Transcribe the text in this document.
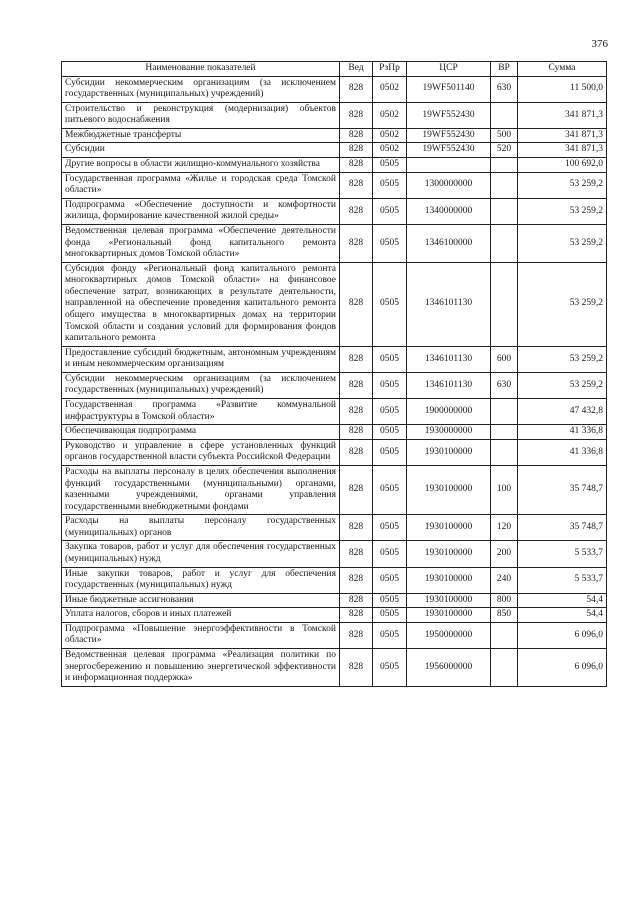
376
Наименование показателей	Вед	РзПр	ЦСР	ВР	Сумма
Субсидии некоммерческим организациям (за исключением государственных (муниципальных) учреждений)	828	0502	19WF501140	630	11 500,0
Строительство и реконструкция (модернизация) объектов питьевого водоснабжения	828	0502	19WF552430		341 871,3
Межбюджетные трансферты	828	0502	19WF552430	500	341 871,3
Субсидии	828	0502	19WF552430	520	341 871,3
Другие вопросы в области жилищно-коммунального хозяйства	828	0505			100 692,0
Государственная программа «Жилье и городская среда Томской области»	828	0505	1300000000		53 259,2
Подпрограмма «Обеспечение доступности и комфортности жилища, формирование качественной жилой среды»	828	0505	1340000000		53 259,2
Ведомственная целевая программа «Обеспечение деятельности фонда «Региональный фонд капитального ремонта многоквартирных домов Томской области»	828	0505	1346100000		53 259,2
Субсидия фонду «Региональный фонд капитального ремонта многоквартирных домов Томской области» на финансовое обеспечение затрат, возникающих в результате деятельности, направленной на обеспечение проведения капитального ремонта общего имущества в многоквартирных домах на территории Томской области и создания условий для формирования фондов капитального ремонта	828	0505	1346101130		53 259,2
Предоставление субсидий бюджетным, автономным учреждениям и иным некоммерческим организациям	828	0505	1346101130	600	53 259,2
Субсидии некоммерческим организациям (за исключением государственных (муниципальных) учреждений)	828	0505	1346101130	630	53 259,2
Государственная программа «Развитие коммунальной инфраструктуры в Томской области»	828	0505	1900000000		47 432,8
Обеспечивающая подпрограмма	828	0505	1930000000		41 336,8
Руководство и управление в сфере установленных функций органов государственной власти субъекта Российской Федерации	828	0505	1930100000		41 336,8
Расходы на выплаты персоналу в целях обеспечения выполнения функций государственными (муниципальными) органами, казенными учреждениями, органами управления государственными внебюджетными фондами	828	0505	1930100000	100	35 748,7
Расходы на выплаты персоналу государственных (муниципальных) органов	828	0505	1930100000	120	35 748,7
Закупка товаров, работ и услуг для обеспечения государственных (муниципальных) нужд	828	0505	1930100000	200	5 533,7
Иные закупки товаров, работ и услуг для обеспечения государственных (муниципальных) нужд	828	0505	1930100000	240	5 533,7
Иные бюджетные ассигнования	828	0505	1930100000	800	54,4
Уплата налогов, сборов и иных платежей	828	0505	1930100000	850	54,4
Подпрограмма «Повышение энергоэффективности в Томской области»	828	0505	1950000000		6 096,0
Ведомственная целевая программа «Реализация политики по энергосбережению и повышению энергетической эффективности и информационная поддержка»	828	0505	1956000000		6 096,0
